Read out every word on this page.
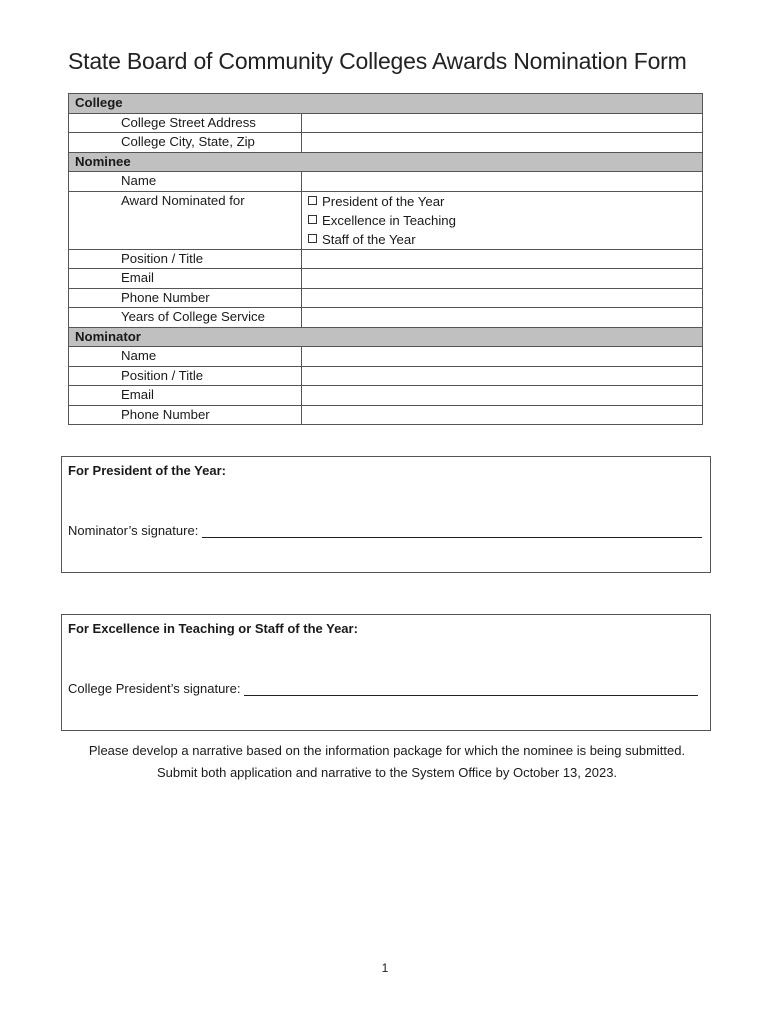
State Board of Community Colleges Awards Nomination Form
College	
College Street Address	
College City, State, Zip	
Nominee	
Name	
Award Nominated for	President of the Year
Excellence in Teaching
Staff of the Year

Position / Title	
Email	
Phone Number	
Years of College Service	
Nominator	
Name	
Position / Title	
Email	
Phone Number	
For President of the Year:
Nominator’s signature:
For Excellence in Teaching or Staff of the Year:
College President’s signature:
Please develop a narrative based on the information package for which the nominee is being submitted.
Submit both application and narrative to the System Office by October 13, 2023.
1
